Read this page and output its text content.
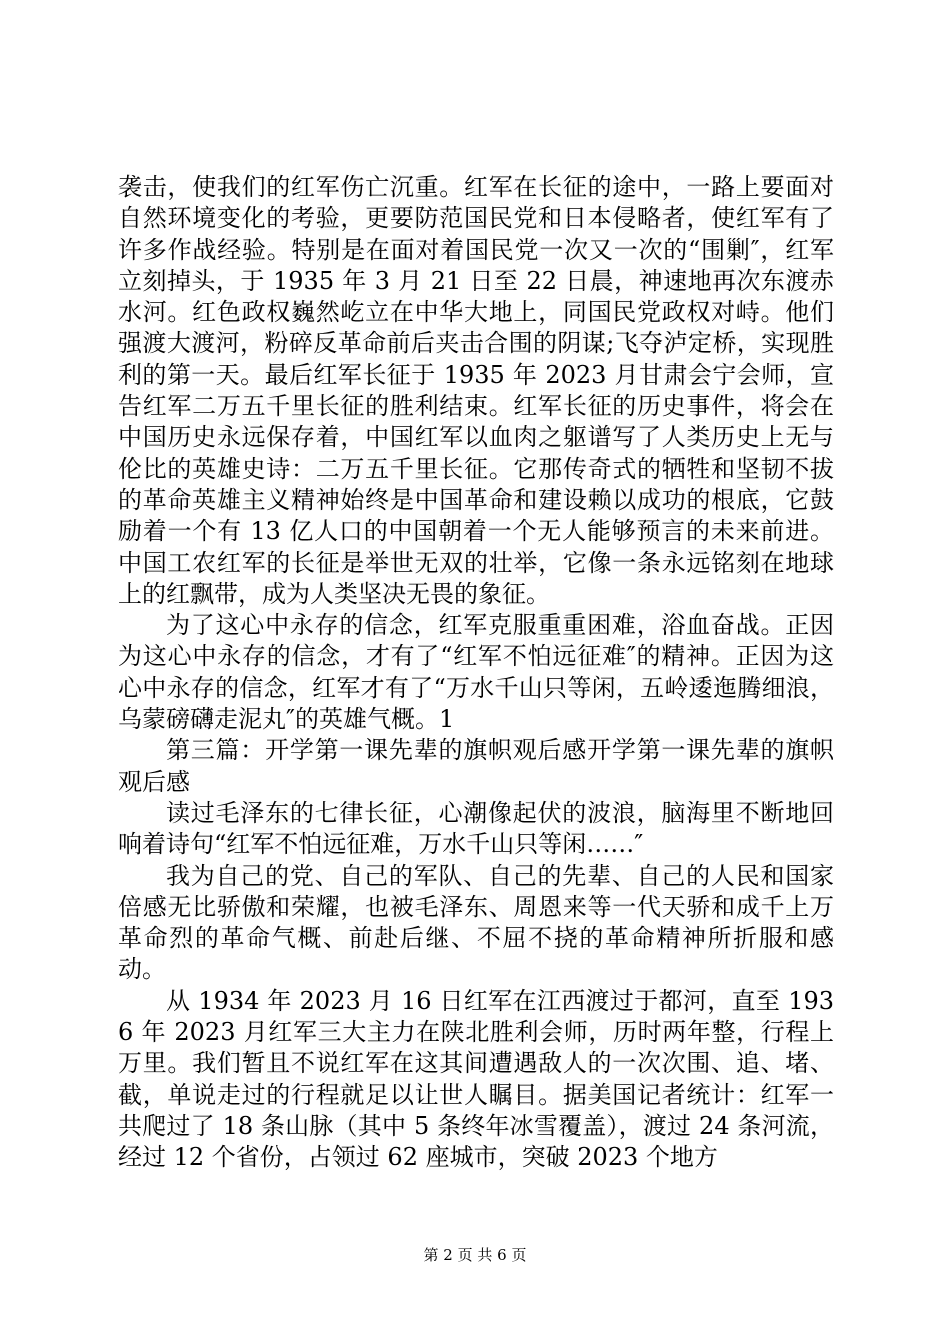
袭击，使我们的红军伤亡沉重。红军在长征的途中，一路上要面对自然环境变化的考验，更要防范国民党和日本侵略者，使红军有了许多作战经验。特别是在面对着国民党一次又一次的“围剿″，红军立刻掉头，于 1935 年 3 月 21 日至 22 日晨，神速地再次东渡赤水河。红色政权巍然屹立在中华大地上，同国民党政权对峙。他们强渡大渡河，粉碎反革命前后夹击合围的阴谋;飞夺泸定桥，实现胜利的第一天。最后红军长征于 1935 年 2023 月甘肃会宁会师，宣告红军二万五千里长征的胜利结束。红军长征的历史事件，将会在中国历史永远保存着，中国红军以血肉之躯谱写了人类历史上无与伦比的英雄史诗：二万五千里长征。它那传奇式的牺牲和坚韧不拔的革命英雄主义精神始终是中国革命和建设赖以成功的根底，它鼓励着一个有 13 亿人口的中国朝着一个无人能够预言的未来前进。中国工农红军的长征是举世无双的壮举，它像一条永远铭刻在地球上的红飘带，成为人类坚决无畏的象征。

为了这心中永存的信念，红军克服重重困难，浴血奋战。正因为这心中永存的信念，才有了“红军不怕远征难″的精神。正因为这心中永存的信念，红军才有了“万水千山只等闲，五岭逶迤腾细浪，乌蒙磅礴走泥丸″的英雄气概。1

第三篇：开学第一课先辈的旗帜观后感开学第一课先辈的旗帜观后感

读过毛泽东的七律长征，心潮像起伏的波浪，脑海里不断地回响着诗句“红军不怕远征难，万水千山只等闲……″

我为自己的党、自己的军队、自己的先辈、自己的人民和国家倍感无比骄傲和荣耀，也被毛泽东、周恩来等一代天骄和成千上万革命烈的革命气概、前赴后继、不屈不挠的革命精神所折服和感动。

从 1934 年 2023 月 16 日红军在江西渡过于都河，直至 1936 年 2023 月红军三大主力在陕北胜利会师，历时两年整，行程上万里。我们暂且不说红军在这其间遭遇敌人的一次次围、追、堵、截，单说走过的行程就足以让世人瞩目。据美国记者统计：红军一共爬过了 18 条山脉（其中 5 条终年冰雪覆盖），渡过 24 条河流，经过 12 个省份，占领过 62 座城市，突破 2023 个地方

第 2 页 共 6 页
